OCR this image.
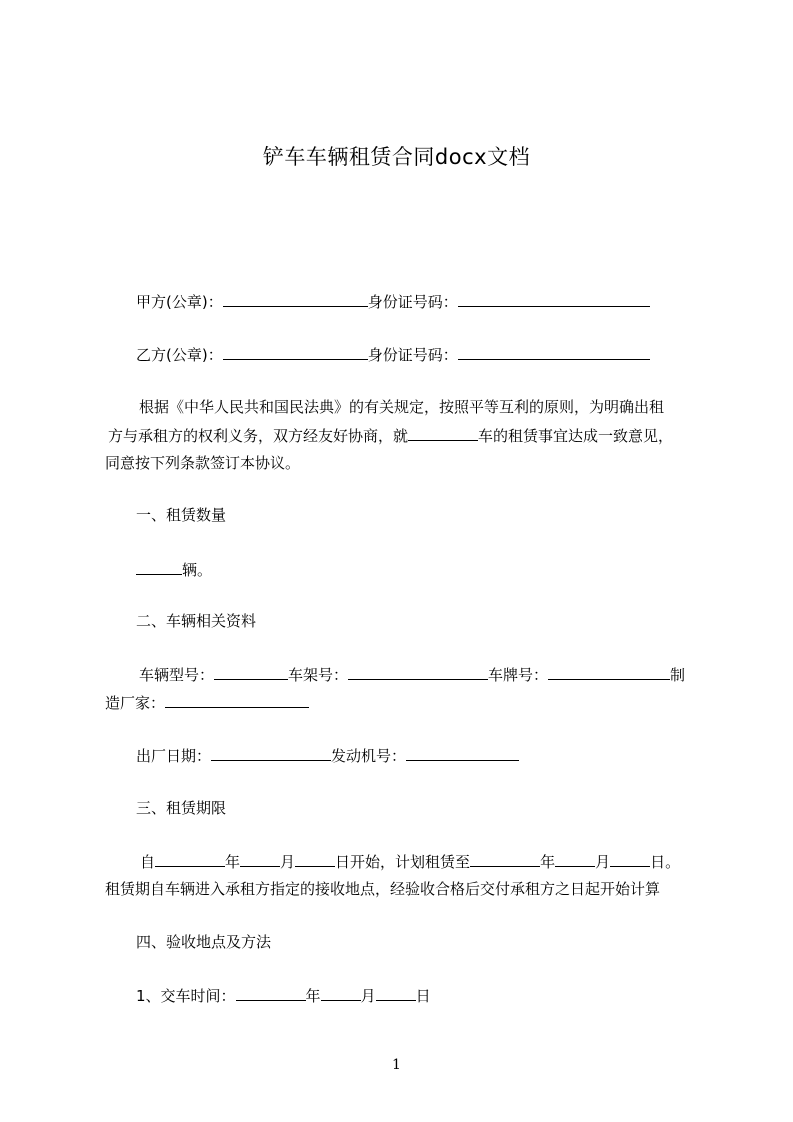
铲车车辆租赁合同docx文档
甲方(公章)：	身份证号码：
乙方(公章)：	身份证号码：
根据《中华人民共和国民法典》的有关规定，按照平等互利的原则，为明确出租
方与承租方的权利义务，双方经友好协商，就	车的租赁事宜达成一致意见，
同意按下列条款签订本协议。
一、租赁数量
辆。
二、车辆相关资料
车辆型号：	车架号：	车牌号：	制
造厂家：
出厂日期：	发动机号：
三、租赁期限
自	年	月	日开始，计划租赁至	年	月	日。
租赁期自车辆进入承租方指定的接收地点，经验收合格后交付承租方之日起开始计算
四、验收地点及方法
1、交车时间：	年	月	日
1
